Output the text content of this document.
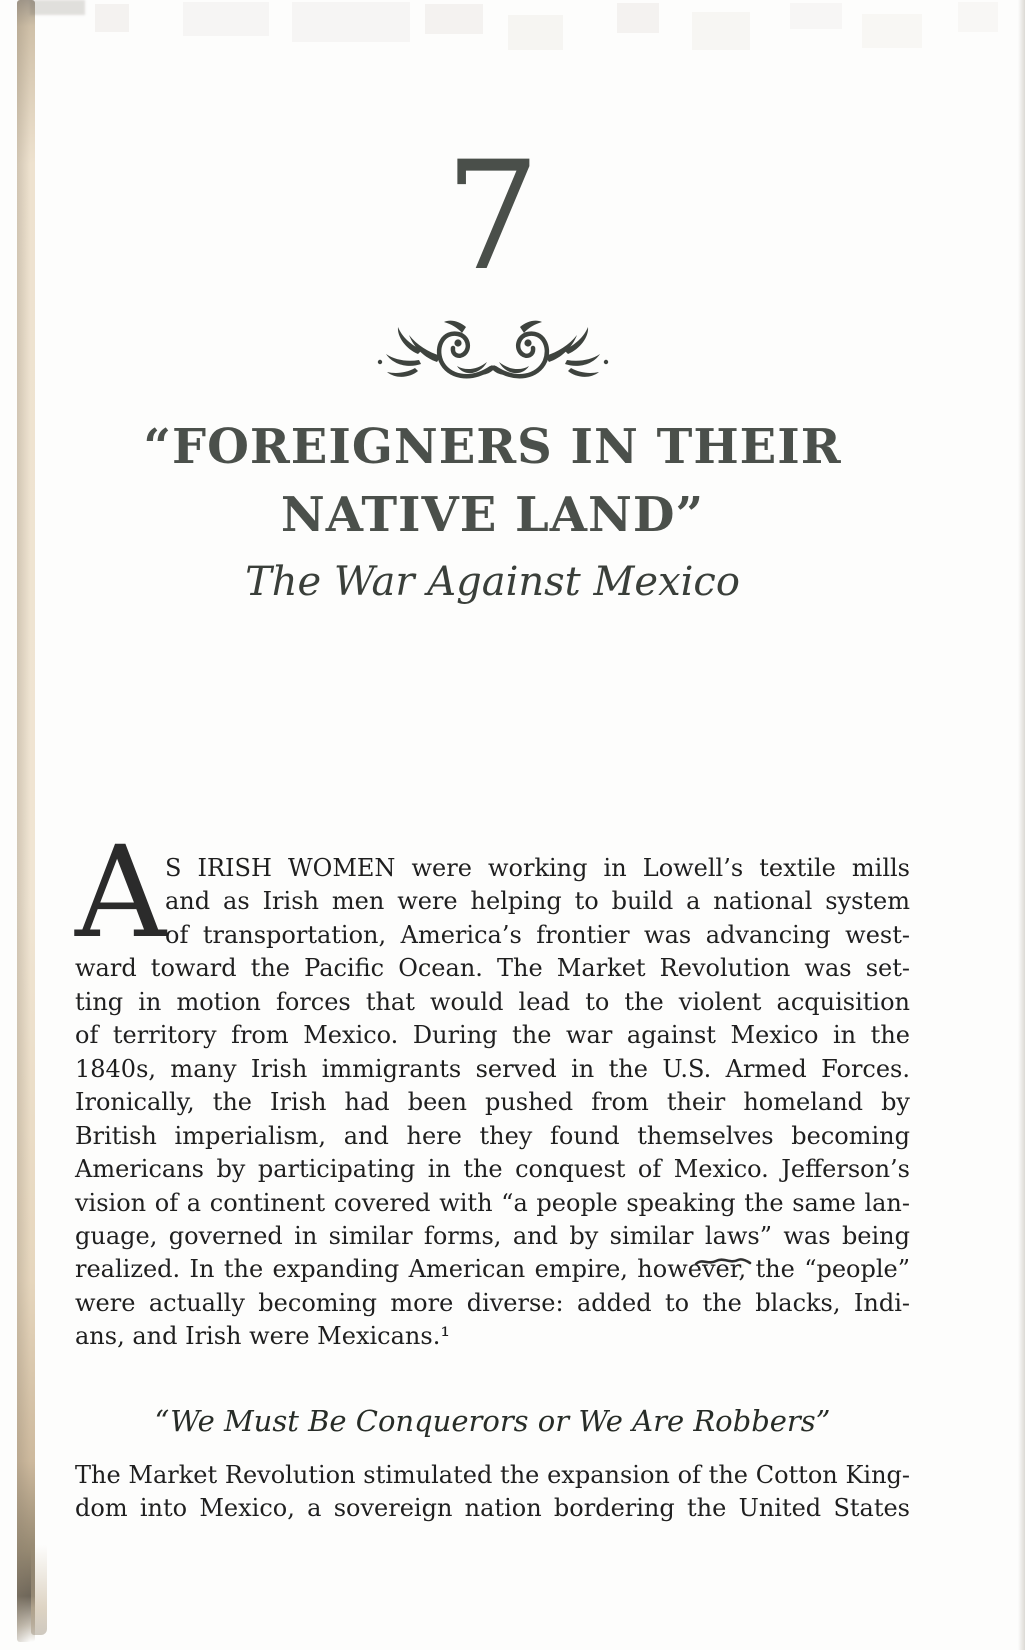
7
“FOREIGNERS IN THEIR
NATIVE LAND”
The War Against Mexico
A S IRISH WOMEN were working in Lowell’s textile mills
and as Irish men were helping to build a national system
of transportation, America’s frontier was advancing west-
ward toward the Pacific Ocean. The Market Revolution was set-
ting in motion forces that would lead to the violent acquisition
of territory from Mexico. During the war against Mexico in the
1840s, many Irish immigrants served in the U.S. Armed Forces.
Ironically, the Irish had been pushed from their homeland by
British imperialism, and here they found themselves becoming
Americans by participating in the conquest of Mexico. Jefferson’s
vision of a continent covered with “a people speaking the same lan-
guage, governed in similar forms, and by similar laws” was being
realized. In the expanding American empire, however, the “people”
were actually becoming more diverse: added to the blacks, Indi-
ans, and Irish were Mexicans.¹
“We Must Be Conquerors or We Are Robbers”
The Market Revolution stimulated the expansion of the Cotton King-
dom into Mexico, a sovereign nation bordering the United States
